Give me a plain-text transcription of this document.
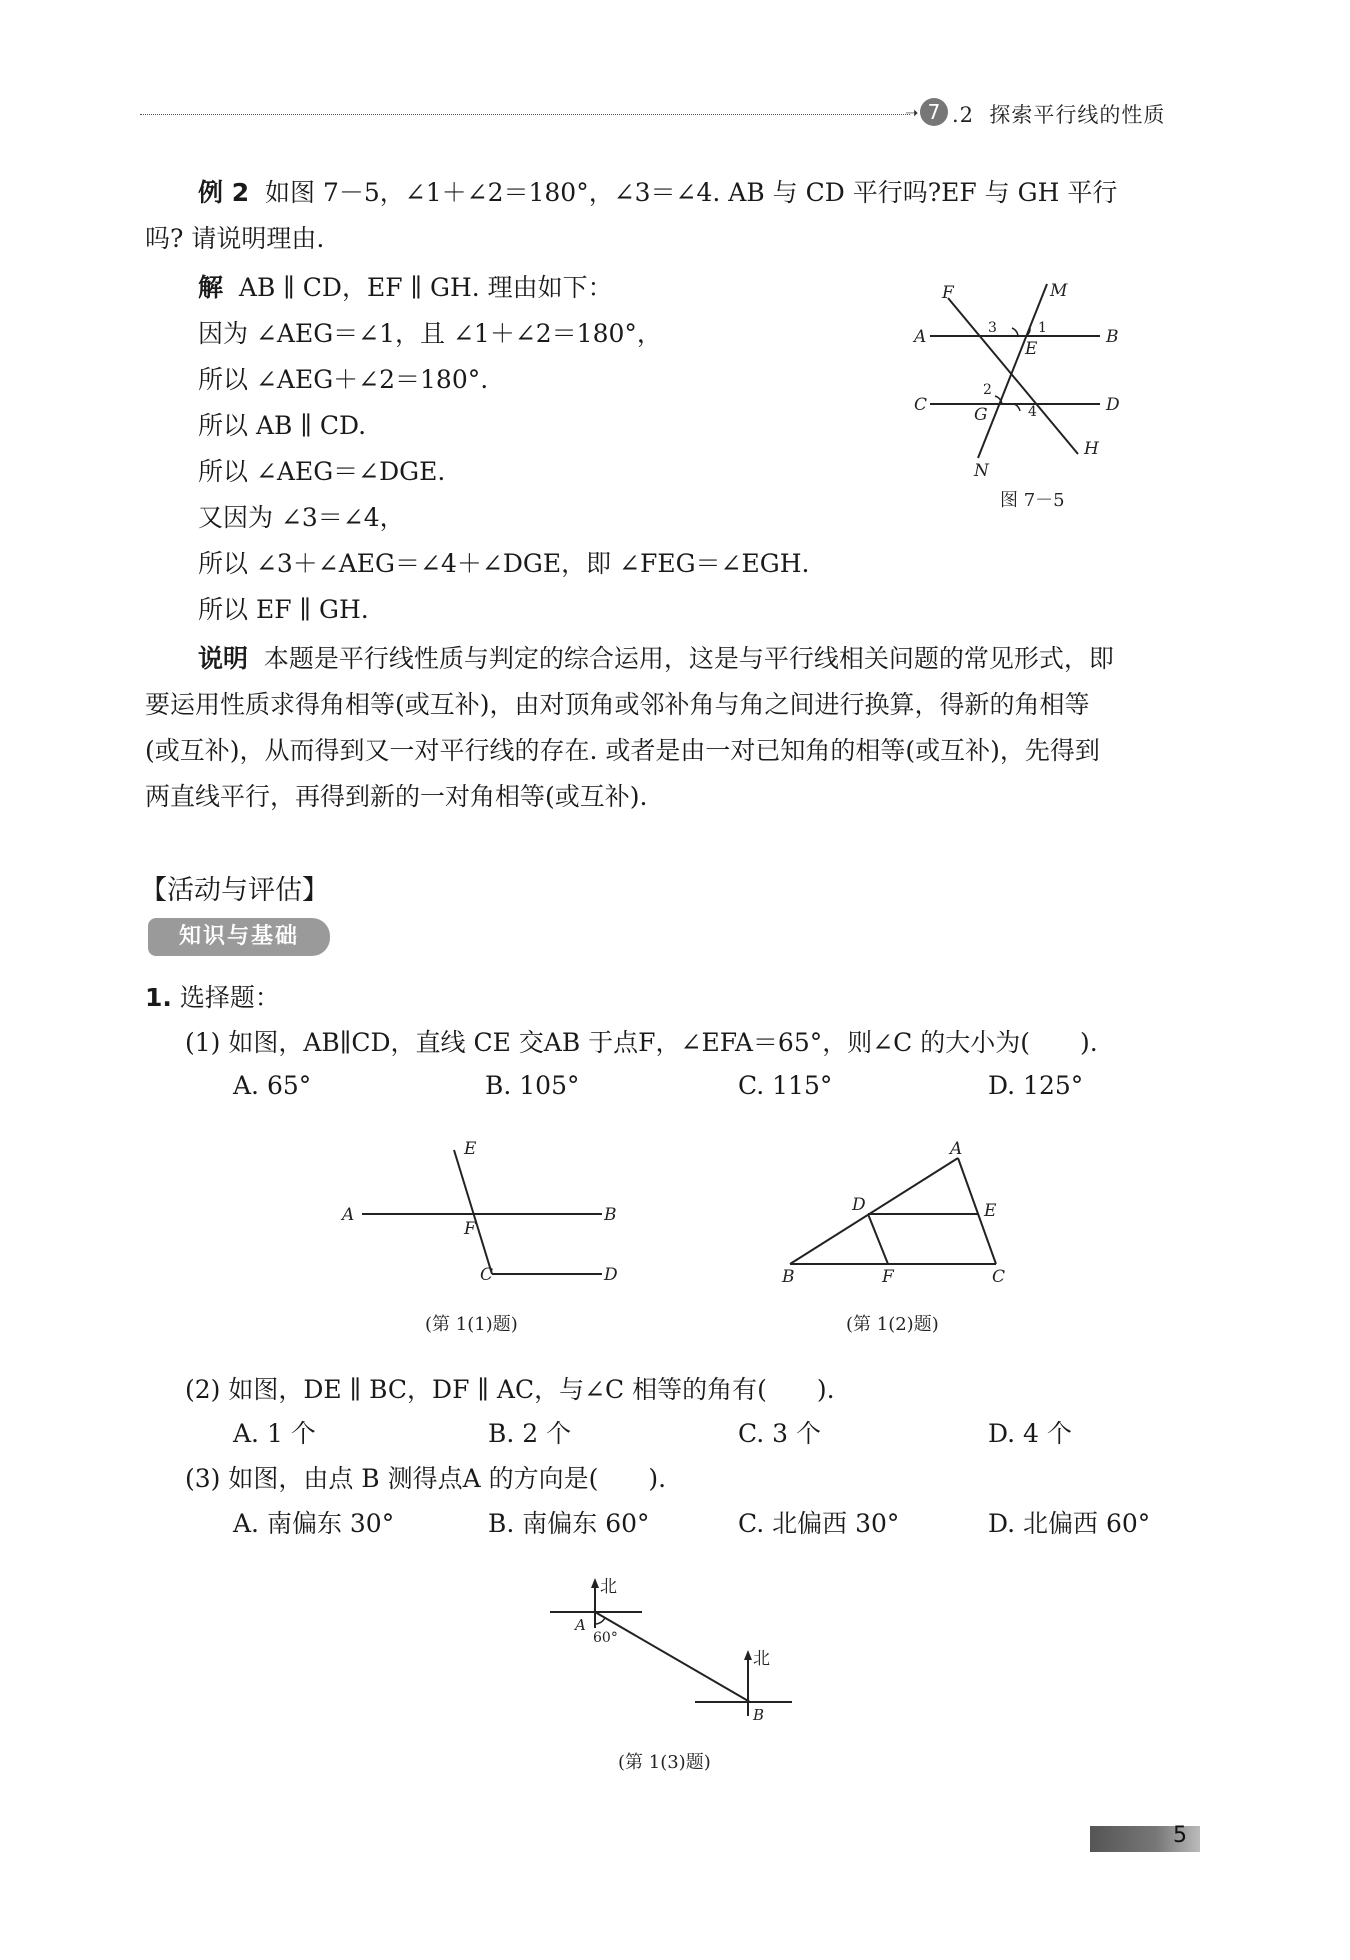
➝ 7 .2 探索平行线的性质
例 2 如图 7－5，∠1＋∠2＝180°，∠3＝∠4. AB 与 CD 平行吗?EF 与 GH 平行
吗? 请说明理由.
解 AB ∥ CD，EF ∥ GH. 理由如下：
因为 ∠AEG＝∠1，且 ∠1＋∠2＝180°，
所以 ∠AEG＋∠2＝180°.
所以 AB ∥ CD.
所以 ∠AEG＝∠DGE.
又因为 ∠3＝∠4，
所以 ∠3＋∠AEG＝∠4＋∠DGE，即 ∠FEG＝∠EGH.
所以 EF ∥ GH.
F	M
A	B
E
C	D
G
H
N
1
2
3
4
图 7－5
说明 本题是平行线性质与判定的综合运用，这是与平行线相关问题的常见形式，即
要运用性质求得角相等(或互补)，由对顶角或邻补角与角之间进行换算，得新的角相等
(或互补)，从而得到又一对平行线的存在. 或者是由一对已知角的相等(或互补)，先得到
两直线平行，再得到新的一对角相等(或互补).
【活动与评估】
知识与基础
1. 选择题：
(1) 如图，AB∥CD，直线 CE 交AB 于点F，∠EFA＝65°，则∠C 的大小为(　　).
A. 65°	B. 105°	C. 115°	D. 125°
E
A	B
F
C	D
(第 1(1)题)
A
D	E
B	F	C
(第 1(2)题)
(2) 如图，DE ∥ BC，DF ∥ AC，与∠C 相等的角有(　　).
A. 1 个	B. 2 个	C. 3 个	D. 4 个
(3) 如图，由点 B 测得点A 的方向是(　　).
A. 南偏东 30°	B. 南偏东 60°	C. 北偏西 30°	D. 北偏西 60°
北
北
A
B
60°
(第 1(3)题)
5
